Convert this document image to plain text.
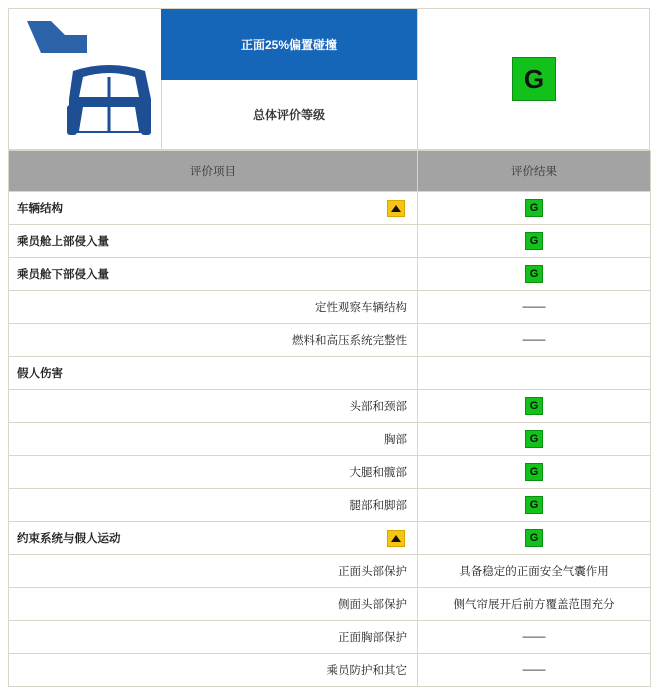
正面25%偏置碰撞
总体评价等级
G
评价项目	评价结果

车辆结构	G
乘员舱上部侵入量	G
乘员舱下部侵入量	G
定性观察车辆结构	——
燃料和高压系统完整性	——
假人伤害	
头部和颈部	G
胸部	G
大腿和髋部	G
腿部和脚部	G

约束系统与假人运动	G
正面头部保护	具备稳定的正面安全气囊作用
侧面头部保护	侧气帘展开后前方覆盖范围充分
正面胸部保护	——
乘员防护和其它	——
